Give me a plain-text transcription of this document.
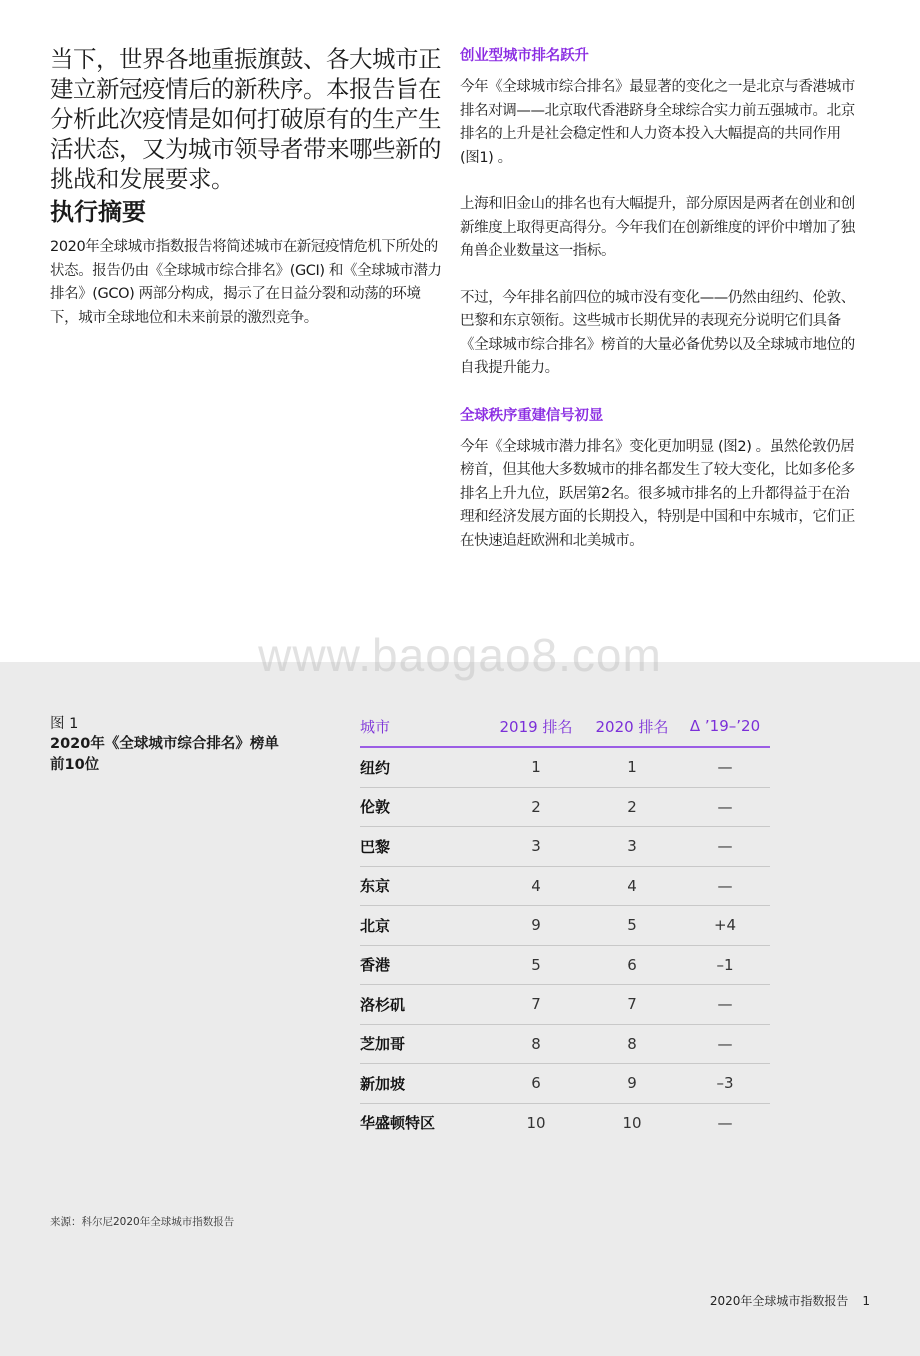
当下，世界各地重振旗鼓、各大城市正建立新冠疫情后的新秩序。本报告旨在分析此次疫情是如何打破原有的生产生活状态，又为城市领导者带来哪些新的挑战和发展要求。

执行摘要

2020年全球城市指数报告将简述城市在新冠疫情危机下所处的状态。报告仍由《全球城市综合排名》(GCI) 和《全球城市潜力排名》(GCO) 两部分构成，揭示了在日益分裂和动荡的环境下，城市全球地位和未来前景的激烈竞争。

创业型城市排名跃升

今年《全球城市综合排名》最显著的变化之一是北京与香港城市排名对调——北京取代香港跻身全球综合实力前五强城市。北京排名的上升是社会稳定性和人力资本投入大幅提高的共同作用 (图1) 。

上海和旧金山的排名也有大幅提升，部分原因是两者在创业和创新维度上取得更高得分。今年我们在创新维度的评价中增加了独角兽企业数量这一指标。

不过，今年排名前四位的城市没有变化——仍然由纽约、伦敦、巴黎和东京领衔。这些城市长期优异的表现充分说明它们具备《全球城市综合排名》榜首的大量必备优势以及全球城市地位的自我提升能力。

全球秩序重建信号初显

今年《全球城市潜力排名》变化更加明显 (图2) 。虽然伦敦仍居榜首，但其他大多数城市的排名都发生了较大变化，比如多伦多排名上升九位，跃居第2名。很多城市排名的上升都得益于在治理和经济发展方面的长期投入，特别是中国和中东城市，它们正在快速追赶欧洲和北美城市。

www.baogao8.com
图 1
2020年《全球城市综合排名》榜单前10位
城市	2019 排名	2020 排名	Δ ’19–’20
纽约	1	1	—
伦敦	2	2	—
巴黎	3	3	—
东京	4	4	—
北京	9	5	+4
香港	5	6	–1
洛杉矶	7	7	—
芝加哥	8	8	—
新加坡	6	9	–3
华盛顿特区	10	10	—
来源：科尔尼2020年全球城市指数报告
2020年全球城市指数报告 1
